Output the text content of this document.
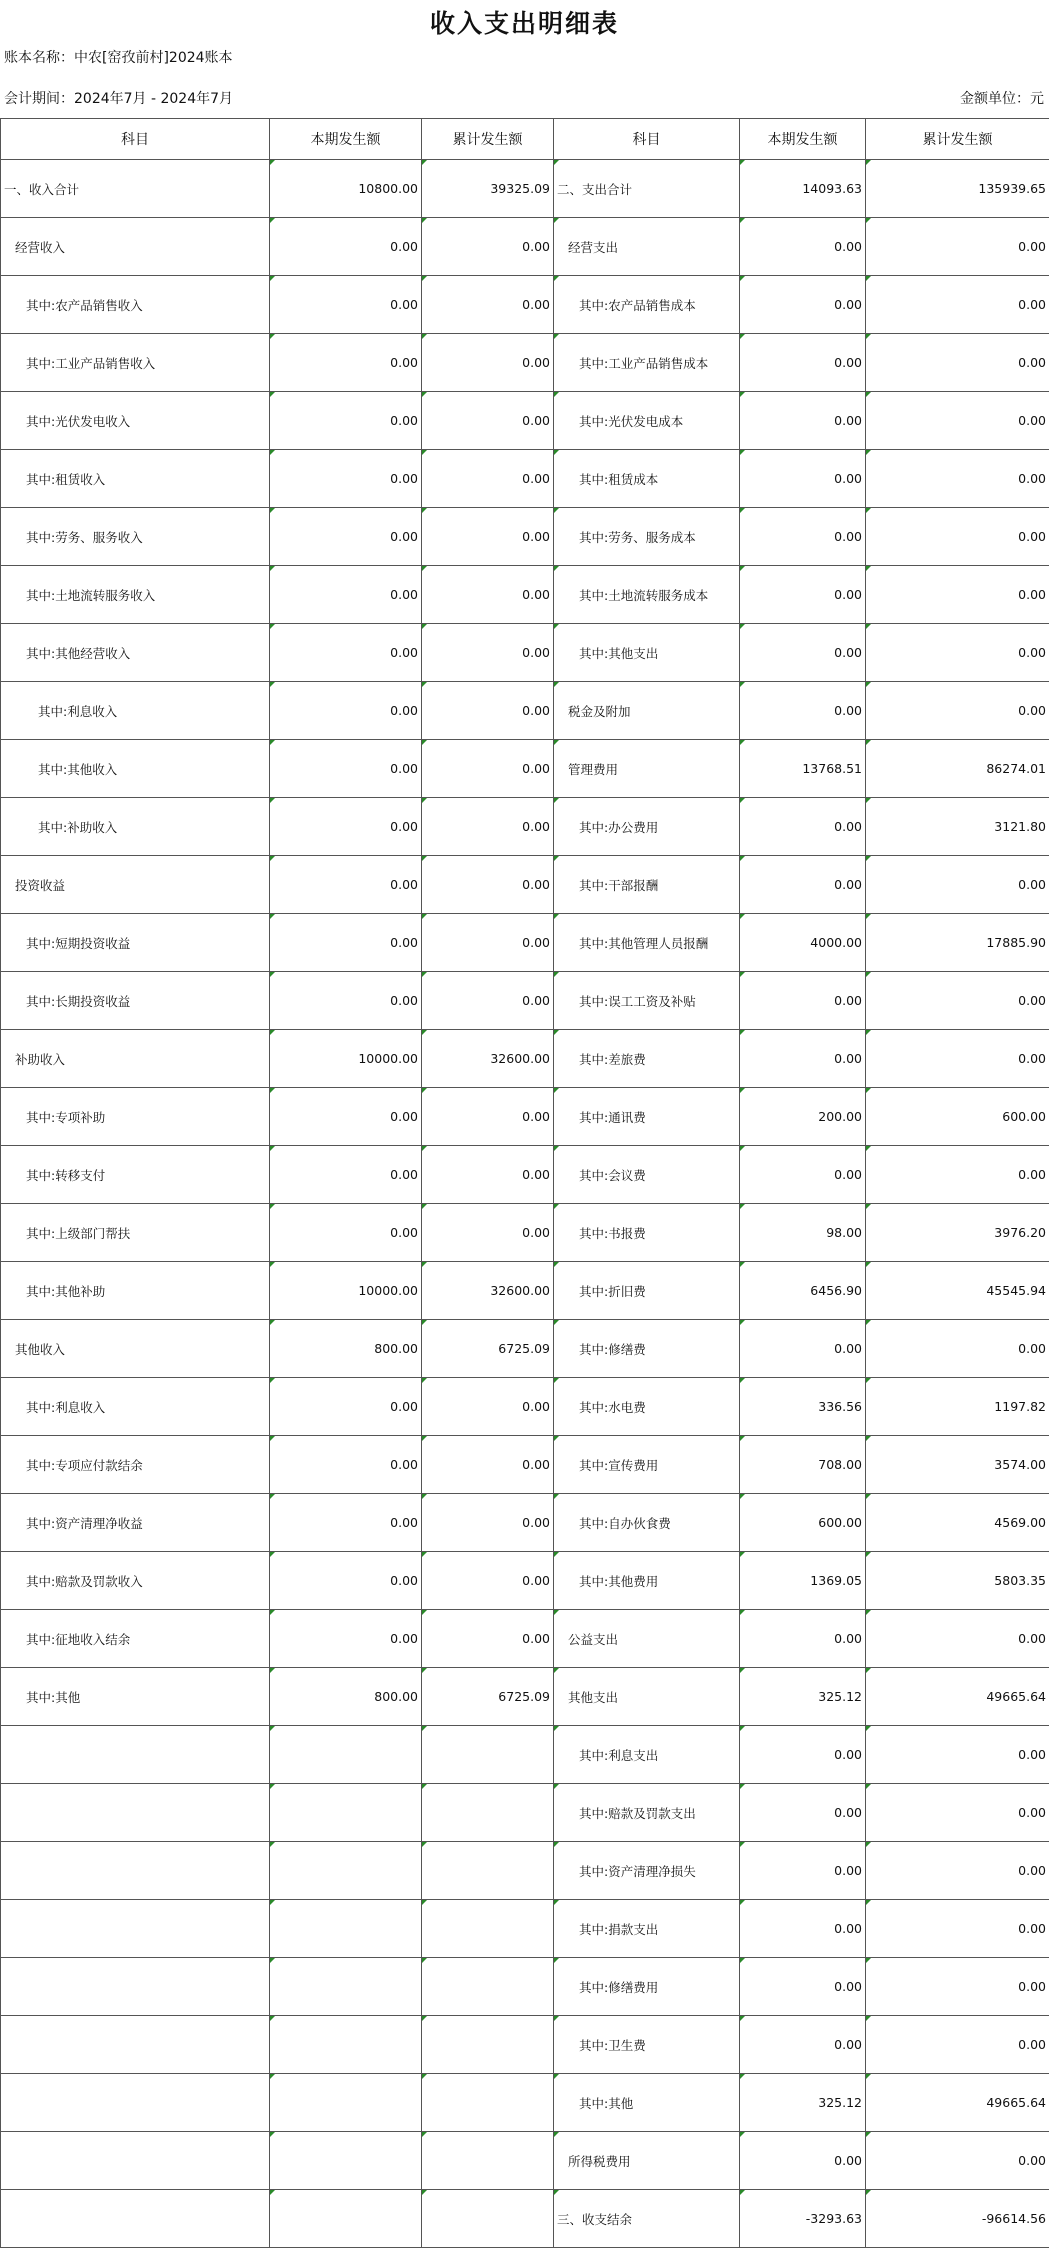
收入支出明细表
账本名称：中农[窑孜前村]2024账本
会计期间：2024年7月 - 2024年7月	金额单位：元
科目	本期发生额	累计发生额	科目	本期发生额	累计发生额
一、收入合计	10800.00	39325.09	二、支出合计	14093.63	135939.65
经营收入	0.00	0.00	经营支出	0.00	0.00
其中:农产品销售收入	0.00	0.00	其中:农产品销售成本	0.00	0.00
其中:工业产品销售收入	0.00	0.00	其中:工业产品销售成本	0.00	0.00
其中:光伏发电收入	0.00	0.00	其中:光伏发电成本	0.00	0.00
其中:租赁收入	0.00	0.00	其中:租赁成本	0.00	0.00
其中:劳务、服务收入	0.00	0.00	其中:劳务、服务成本	0.00	0.00
其中:土地流转服务收入	0.00	0.00	其中:土地流转服务成本	0.00	0.00
其中:其他经营收入	0.00	0.00	其中:其他支出	0.00	0.00
其中:利息收入	0.00	0.00	税金及附加	0.00	0.00
其中:其他收入	0.00	0.00	管理费用	13768.51	86274.01
其中:补助收入	0.00	0.00	其中:办公费用	0.00	3121.80
投资收益	0.00	0.00	其中:干部报酬	0.00	0.00
其中:短期投资收益	0.00	0.00	其中:其他管理人员报酬	4000.00	17885.90
其中:长期投资收益	0.00	0.00	其中:误工工资及补贴	0.00	0.00
补助收入	10000.00	32600.00	其中:差旅费	0.00	0.00
其中:专项补助	0.00	0.00	其中:通讯费	200.00	600.00
其中:转移支付	0.00	0.00	其中:会议费	0.00	0.00
其中:上级部门帮扶	0.00	0.00	其中:书报费	98.00	3976.20
其中:其他补助	10000.00	32600.00	其中:折旧费	6456.90	45545.94
其他收入	800.00	6725.09	其中:修缮费	0.00	0.00
其中:利息收入	0.00	0.00	其中:水电费	336.56	1197.82
其中:专项应付款结余	0.00	0.00	其中:宣传费用	708.00	3574.00
其中:资产清理净收益	0.00	0.00	其中:自办伙食费	600.00	4569.00
其中:赔款及罚款收入	0.00	0.00	其中:其他费用	1369.05	5803.35
其中:征地收入结余	0.00	0.00	公益支出	0.00	0.00
其中:其他	800.00	6725.09	其他支出	325.12	49665.64
			其中:利息支出	0.00	0.00
			其中:赔款及罚款支出	0.00	0.00
			其中:资产清理净损失	0.00	0.00
			其中:捐款支出	0.00	0.00
			其中:修缮费用	0.00	0.00
			其中:卫生费	0.00	0.00
			其中:其他	325.12	49665.64
			所得税费用	0.00	0.00
			三、收支结余	-3293.63	-96614.56
